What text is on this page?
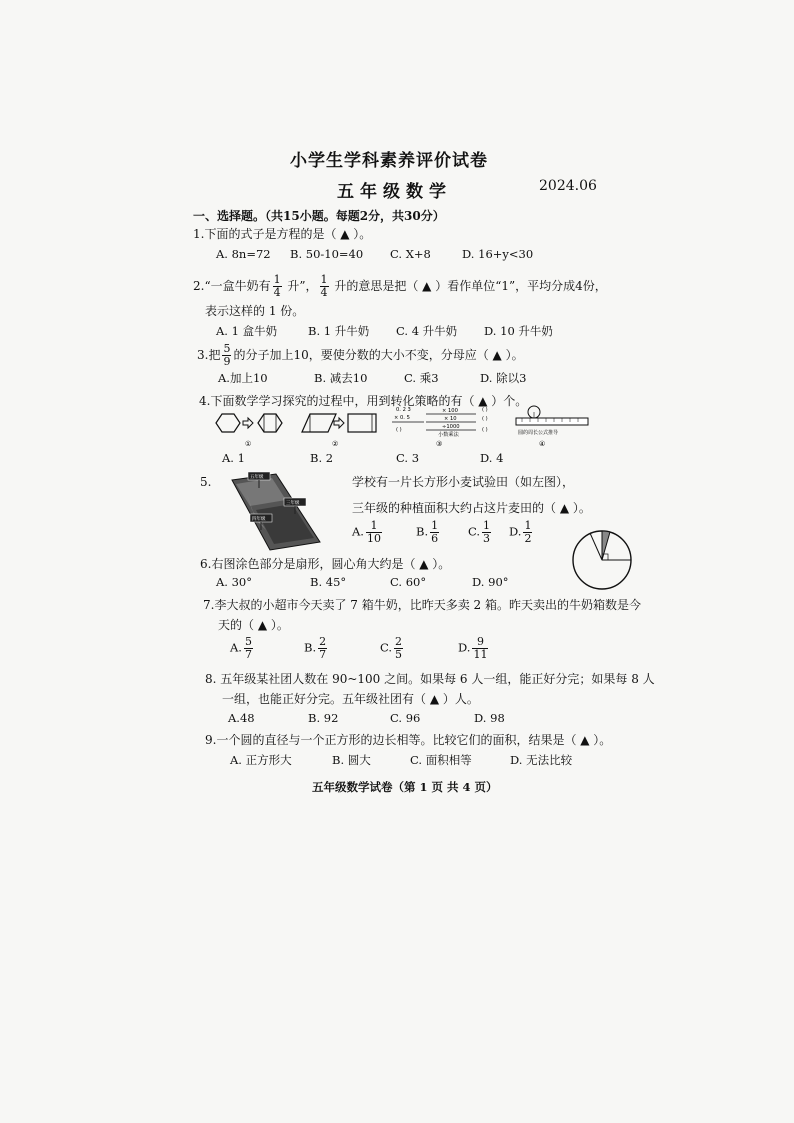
小学生学科素养评价试卷
五年级数学	2024.06
一、选择题。（共15小题。每题2分，共30分）
1.下面的式子是方程的是（ ▲ ）。
A. 8n=72 B. 50-10=40 C. X+8	D. 16+y<30
2.“一盒牛奶有 $\frac{1}{4}$ 升”， $\frac{1}{4}$ 升的意思是把（ ▲ ）看作单位“1”，平均分成4份，
表示这样的 1 份。
A. 1 盒牛奶	B. 1 升牛奶 C. 4 升牛奶 D. 10 升牛奶
3.把 $\frac{5}{9}$ 的分子加上10，要使分数的大小不变，分母应（ ▲ ）。
A.加上10	B. 减去10	C. 乘3	D. 除以3
4.下面数学学习探究的过程中，用到转化策略的有（ ▲ ）个。
①	②
0. 2 3
× 0. 5
( )
× 100
× 10
÷1000
小数乘法
( )
( )
( )
③
圆的周长公式推导
④
A. 1	B. 2	C. 3	D. 4
5.	五年级
四年级
三年级
学校有一片长方形小麦试验田（如左图），
三年级的种植面积大约占这片麦田的（ ▲ ）。
A. $\frac{1}{10}$	B. $\frac{1}{6}$	C. $\frac{1}{3} D$. $\frac{1}{2}$
6.右图涂色部分是扇形，圆心角大约是（ ▲ ）。
A. 30°	B. 45°	C. 60°	D. 90°
7.李大叔的小超市今天卖了 7 箱牛奶，比昨天多卖 2 箱。昨天卖出的牛奶箱数是今
天的（ ▲ ）。
A. $\frac{5}{7}$	B. $\frac{2}{7}$	C. $\frac{2}{5}$	D. $\frac{9}{11}$
8. 五年级某社团人数在 90~100 之间。如果每 6 人一组，能正好分完；如果每 8 人
一组，也能正好分完。五年级社团有（ ▲ ）人。
A.48	B. 92	C. 96	D. 98
9.一个圆的直径与一个正方形的边长相等。比较它们的面积，结果是（ ▲ ）。
A. 正方形大	B. 圆大	C. 面积相等	D. 无法比较
五年级数学试卷（第 1 页 共 4 页）
